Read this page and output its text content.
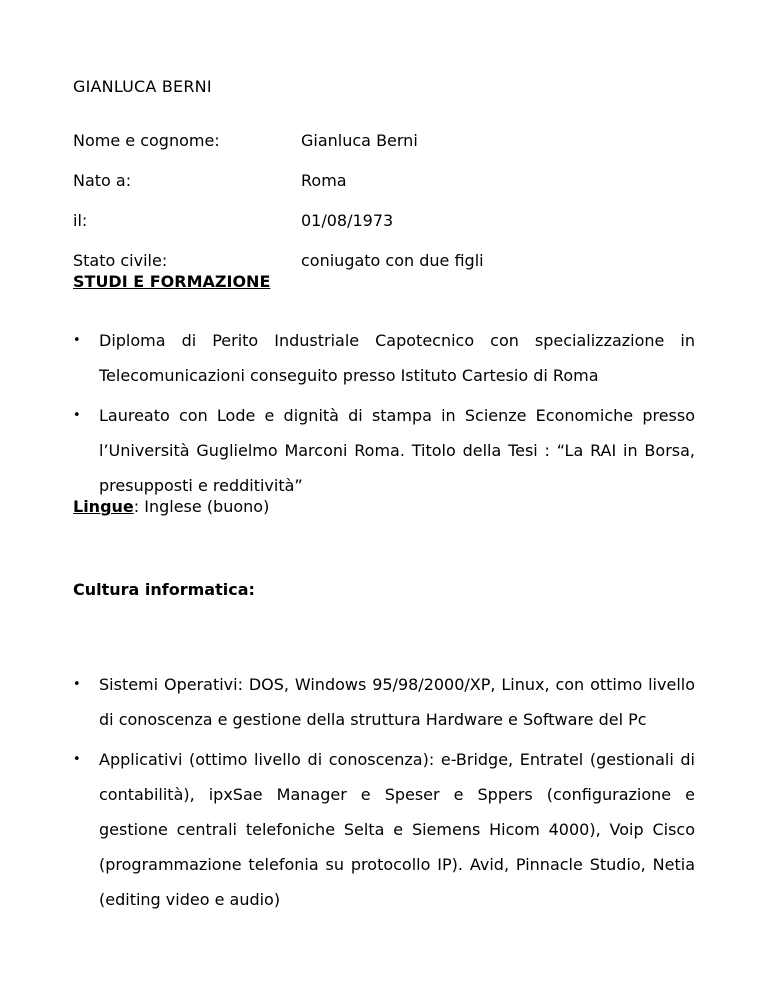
GIANLUCA BERNI
Nome e cognome:	Gianluca Berni
Nato a:	Roma
il:	01/08/1973
Stato civile:	coniugato con due figli
STUDI E FORMAZIONE
• Diploma di Perito Industriale Capotecnico con specializzazione in Telecomunicazioni conseguito presso Istituto Cartesio di Roma
• Laureato con Lode e dignità di stampa in Scienze Economiche presso l’Università Guglielmo Marconi Roma. Titolo della Tesi : “La RAI in Borsa, presupposti e redditività”
Lingue: Inglese (buono)
Cultura informatica:
• Sistemi Operativi: DOS, Windows 95/98/2000/XP, Linux, con ottimo livello di conoscenza e gestione della struttura Hardware e Software del Pc
• Applicativi (ottimo livello di conoscenza): e-Bridge, Entratel (gestionali di contabilità), ipxSae Manager e Speser e Sppers (configurazione e gestione centrali telefoniche Selta e Siemens Hicom 4000), Voip Cisco (programmazione telefonia su protocollo IP). Avid, Pinnacle Studio, Netia (editing video e audio)
